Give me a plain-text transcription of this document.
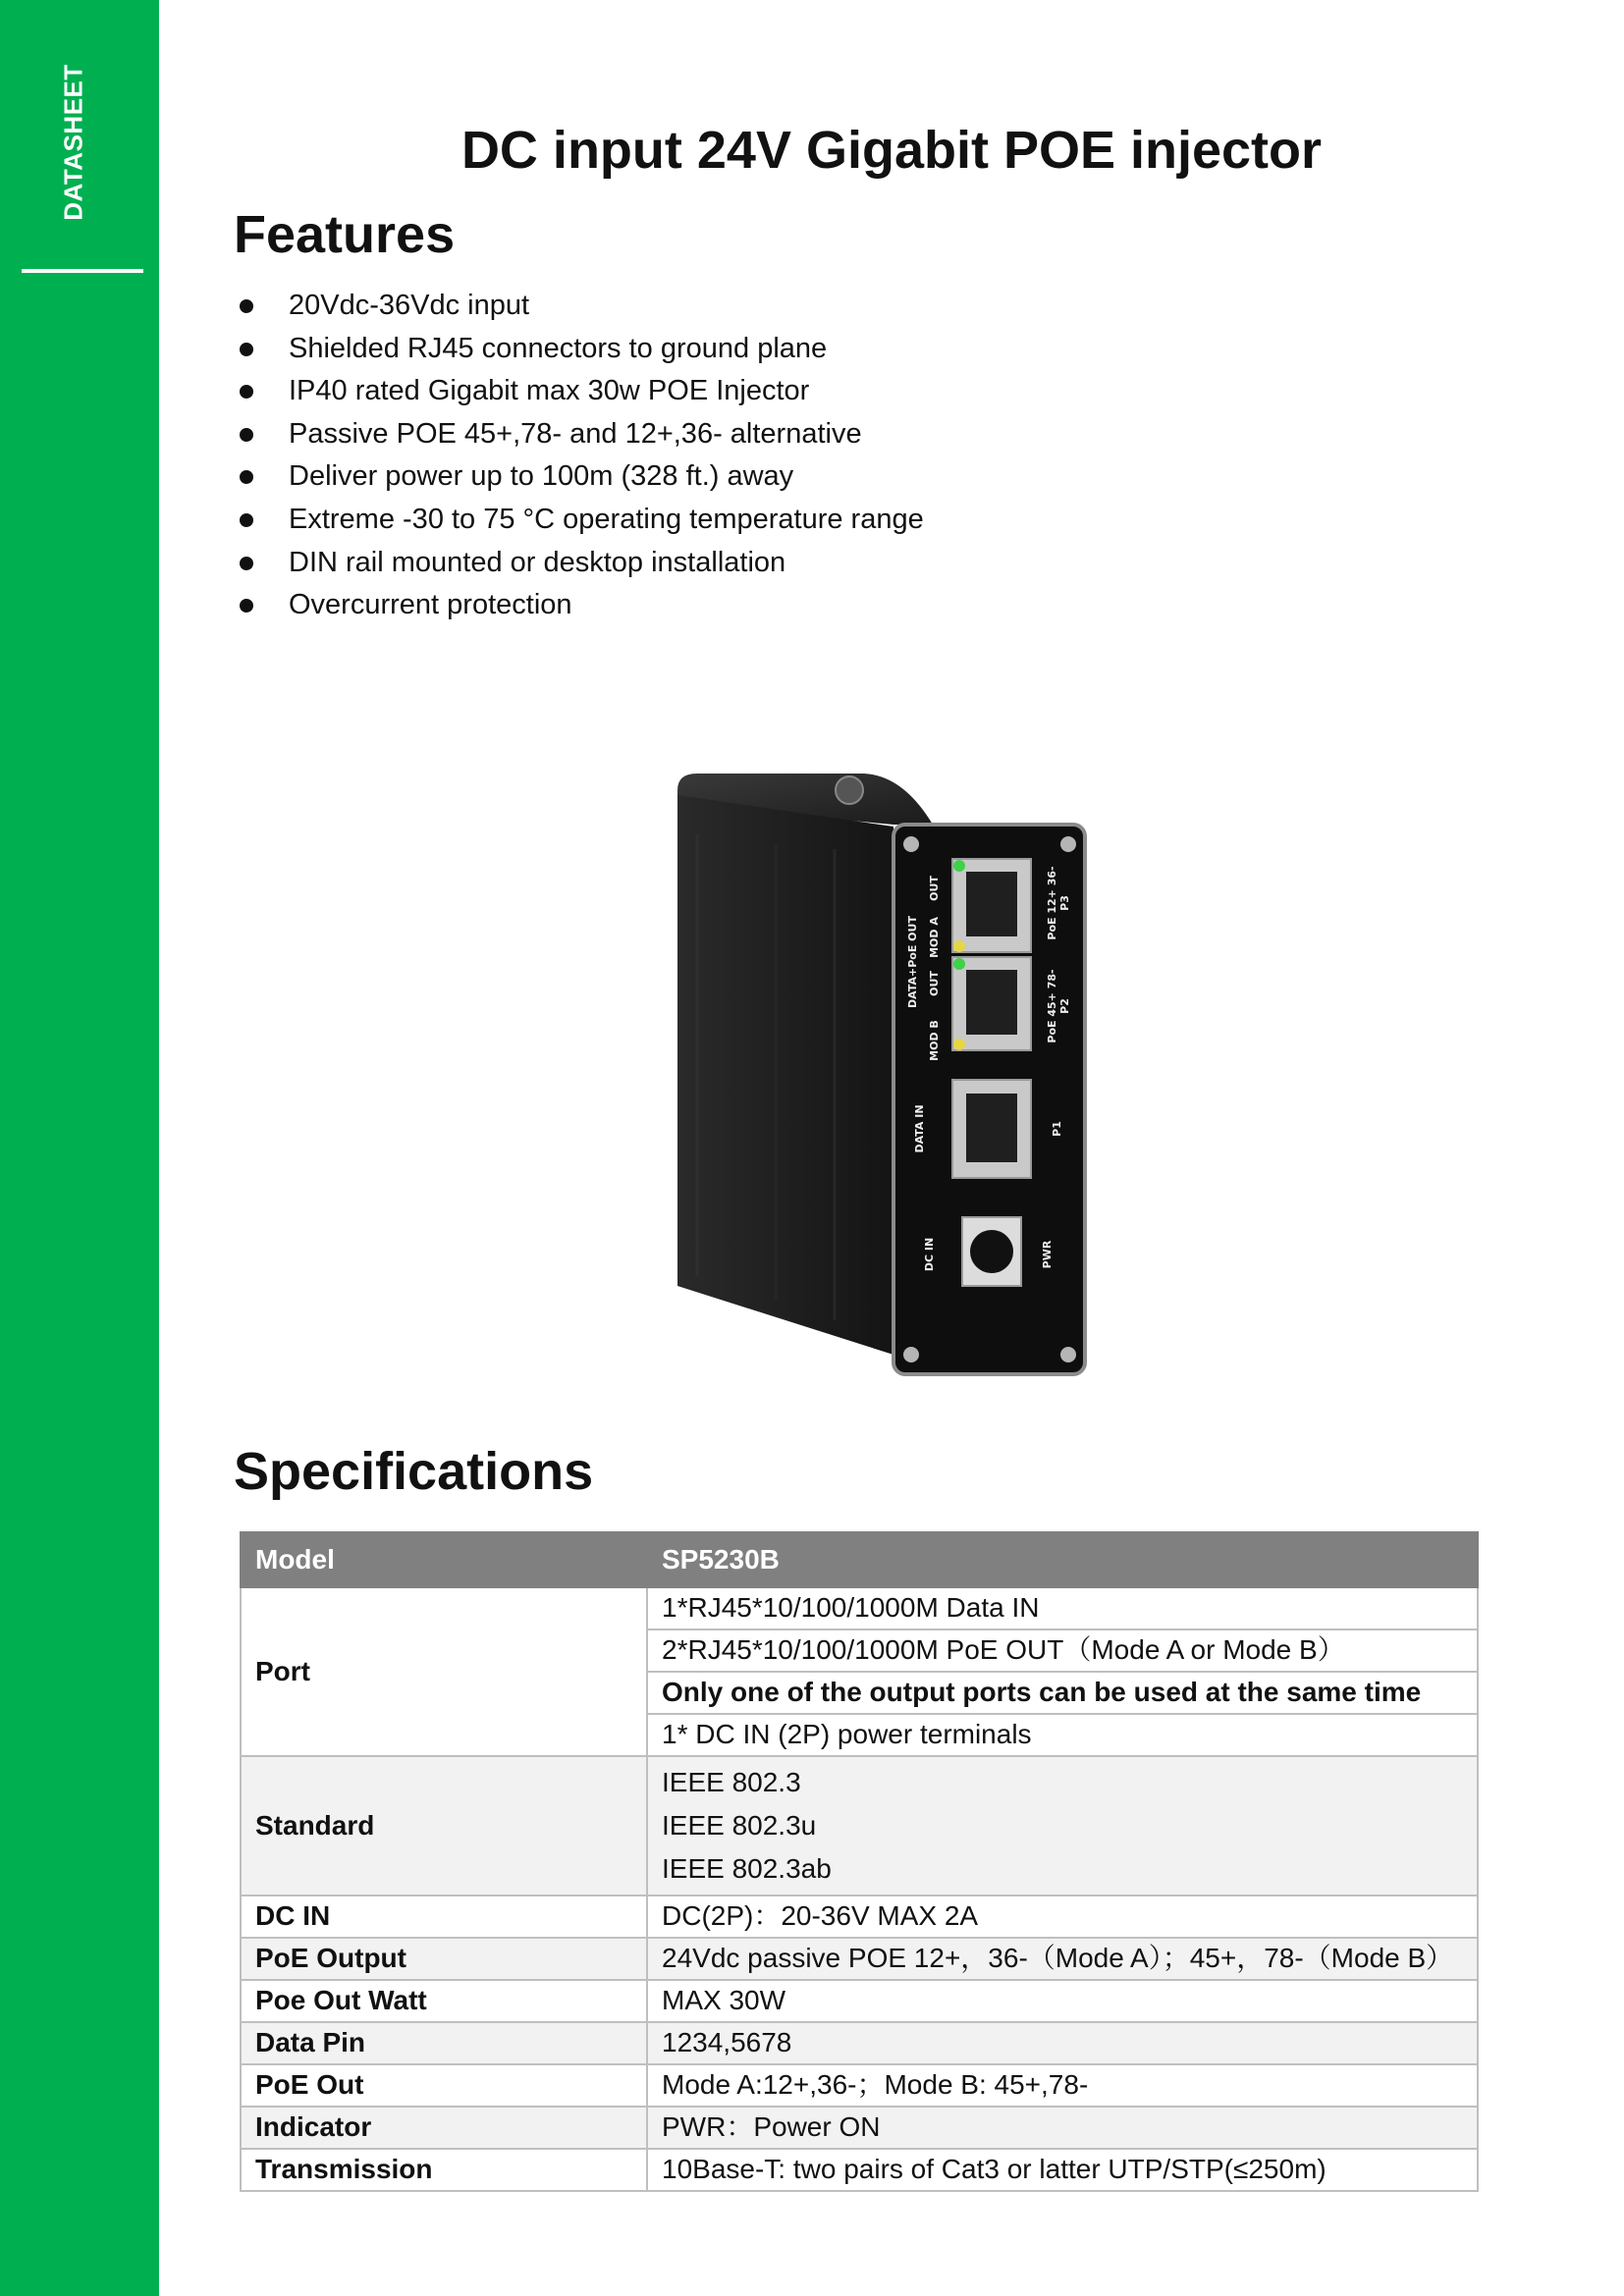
DATASHEET	DC input 24V Gigabit POE injector
Features
20Vdc-36Vdc input
Shielded RJ45 connectors to ground plane
IP40 rated Gigabit max 30w POE Injector
Passive POE 45+,78- and 12+,36- alternative
Deliver power up to 100m (328 ft.) away
Extreme -30 to 75 °C operating temperature range
DIN rail mounted or desktop installation
Overcurrent protection
OUT	PoE 12+ 36- P3
DATA+PoE OUT MOD A
OUT	PoE 45+ 78- P2
MOD B
DATA IN	P1
DC IN	PWR
Specifications
Model	SP5230B
Port	1*RJ45*10/100/1000M Data IN
	2*RJ45*10/100/1000M PoE OUT（Mode A or Mode B）
	Only one of the output ports can be used at the same time
	1* DC IN (2P) power terminals
Standard	IEEE 802.3
IEEE 802.3u
IEEE 802.3ab

DC IN	DC(2P)：20-36V MAX 2A
PoE Output	24Vdc passive POE 12+，36-（Mode A）；45+，78-（Mode B）
Poe Out Watt	MAX 30W
Data Pin	1234,5678
PoE Out	Mode A:12+,36-；Mode B: 45+,78-
Indicator	PWR：Power ON
Transmission	10Base-T: two pairs of Cat3 or latter UTP/STP(≤250m)
